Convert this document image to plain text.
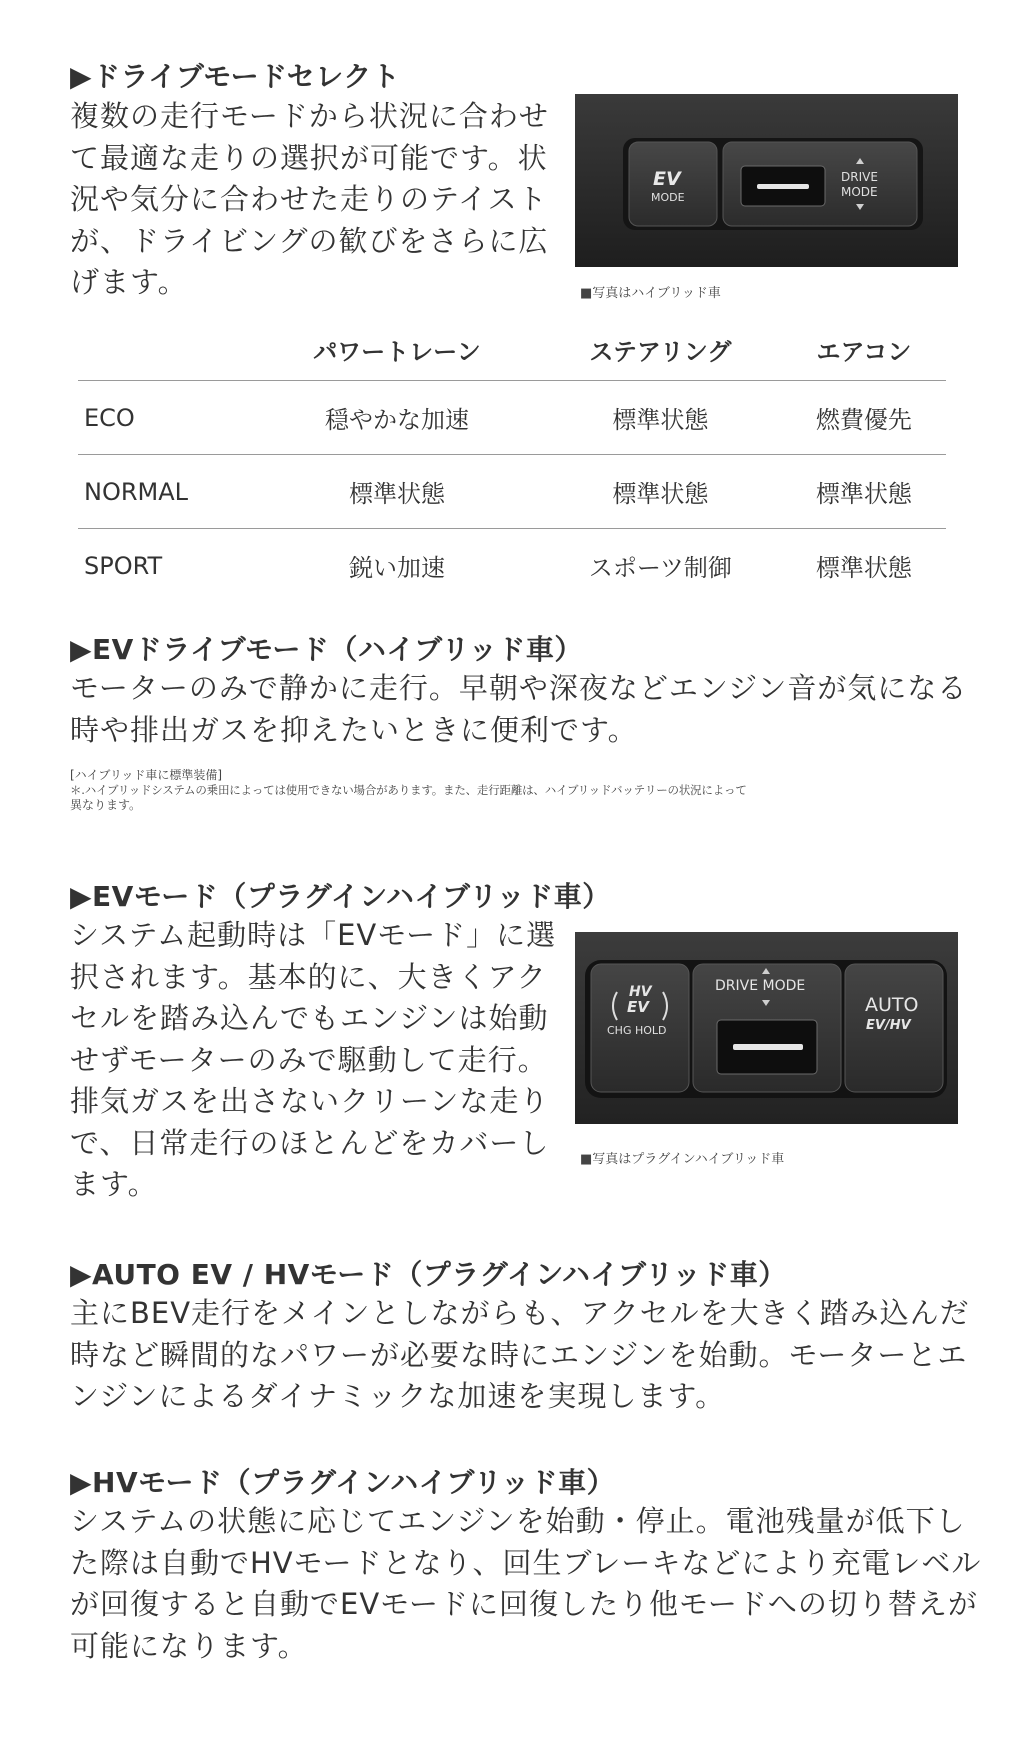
▶ドライブモードセレクト

複数の走行モードから状況に合わせ
て最適な走りの選択が可能です。状
況や気分に合わせた走りのテイスト
が、ドライビングの歓びをさらに広
げます。

EV
MODE
DRIVE
MODE

■写真はハイブリッド車

	パワートレーン	ステアリング	エアコン
ECO	穏やかな加速	標準状態	燃費優先
NORMAL	標準状態	標準状態	標準状態
SPORT	鋭い加速	スポーツ制御	標準状態
▶EVドライブモード（ハイブリッド車）

モーターのみで静かに走行。早朝や深夜などエンジン音が気になる
時や排出ガスを抑えたいときに便利です。

[ハイブリッド車に標準装備]
＊.ハイブリッドシステムの乗田によっては使用できない場合があります。また、走行距離は、ハイブリッドバッテリーの状況によって
異なります。

▶EVモード（プラグインハイブリッド車）

システム起動時は「EVモード」に選
択されます。基本的に、大きくアク
セルを踏み込んでもエンジンは始動
せずモーターのみで駆動して走行。
排気ガスを出さないクリーンな走り
で、日常走行のほとんどをカバーし
ます。

HV
EV
CHG HOLD
DRIVE MODE
AUTO
EV/HV

■写真はプラグインハイブリッド車

▶AUTO EV / HVモード（プラグインハイブリッド車）

主にBEV走行をメインとしながらも、アクセルを大きく踏み込んだ
時など瞬間的なパワーが必要な時にエンジンを始動。モーターとエ
ンジンによるダイナミックな加速を実現します。

▶HVモード（プラグインハイブリッド車）

システムの状態に応じてエンジンを始動・停止。電池残量が低下し
た際は自動でHVモードとなり、回生ブレーキなどにより充電レベル
が回復すると自動でEVモードに回復したり他モードへの切り替えが
可能になります。
